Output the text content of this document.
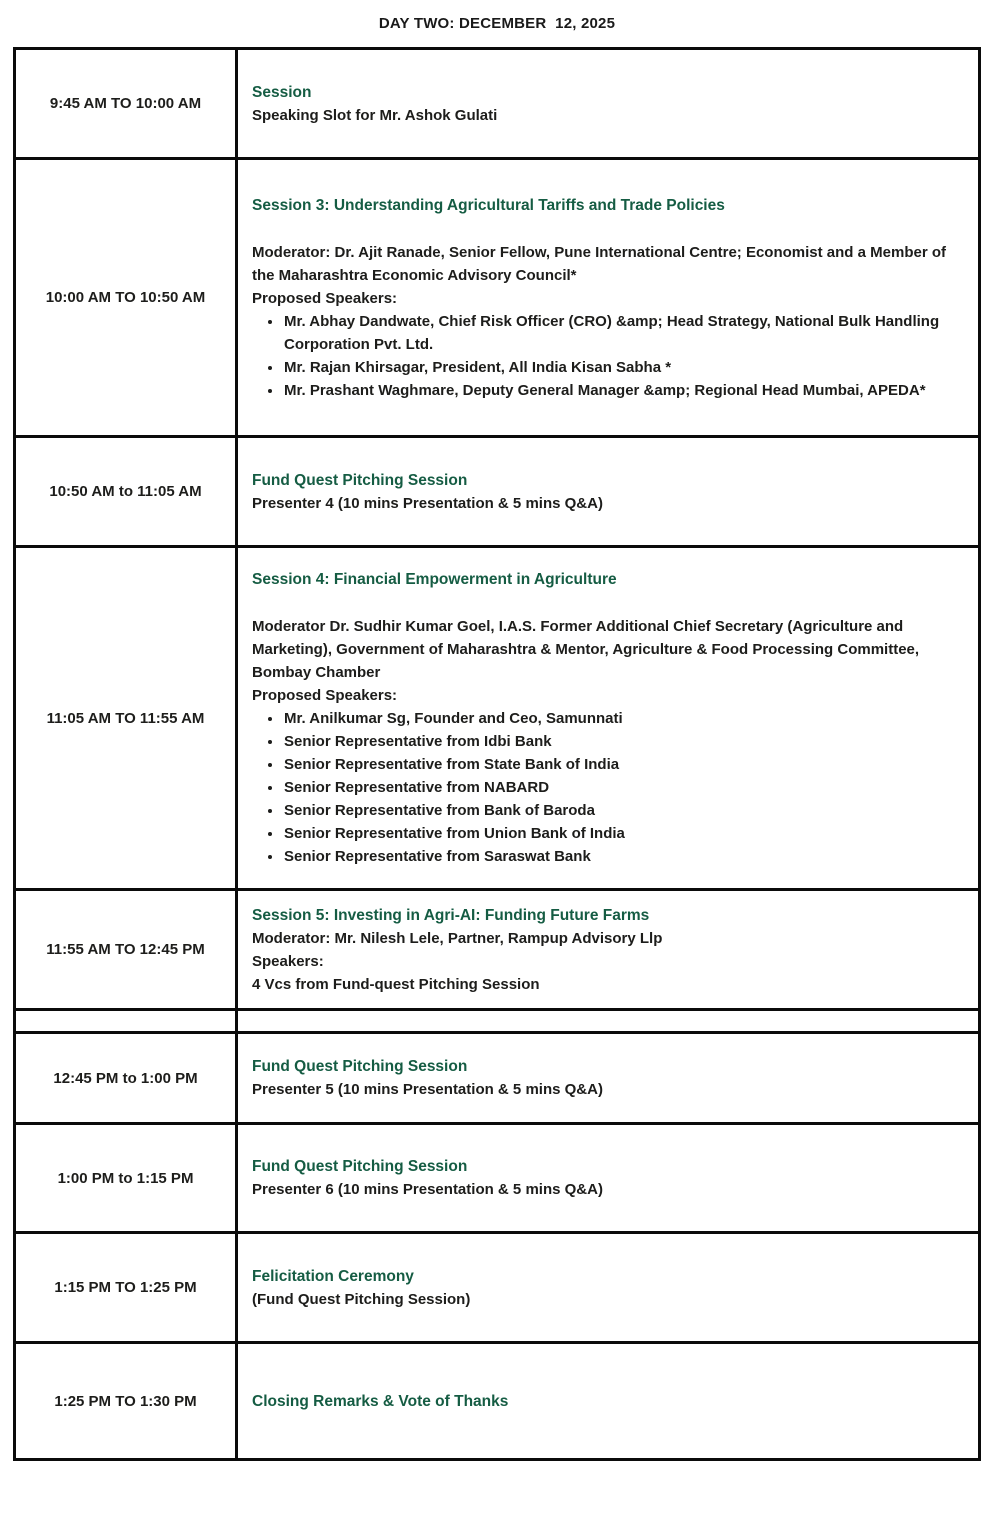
DAY TWO: DECEMBER  12, 2025
9:45 AM TO 10:00 AM
Session

Speaking Slot for Mr. Ashok Gulati

10:00 AM TO 10:50 AM
Session 3: Understanding Agricultural Tariffs and Trade Policies

Moderator: Dr. Ajit Ranade, Senior Fellow, Pune International Centre; Economist and a Member of the Maharashtra Economic Advisory Council*

Proposed Speakers:

• Mr. Abhay Dandwate, Chief Risk Officer (CRO) &amp; Head Strategy, National Bulk Handling Corporation Pvt. Ltd.
• Mr. Rajan Khirsagar, President, All India Kisan Sabha *
• Mr. Prashant Waghmare, Deputy General Manager &amp; Regional Head Mumbai, APEDA*
10:50 AM to 11:05 AM
Fund Quest Pitching Session

Presenter 4 (10 mins Presentation & 5 mins Q&A)

11:05 AM TO 11:55 AM
Session 4: Financial Empowerment in Agriculture

Moderator Dr. Sudhir Kumar Goel, I.A.S. Former Additional Chief Secretary (Agriculture and Marketing), Government of Maharashtra & Mentor, Agriculture & Food Processing Committee, Bombay Chamber

Proposed Speakers:

• Mr. Anilkumar Sg, Founder and Ceo, Samunnati
• Senior Representative from Idbi Bank
• Senior Representative from State Bank of India
• Senior Representative from NABARD
• Senior Representative from Bank of Baroda
• Senior Representative from Union Bank of India
• Senior Representative from Saraswat Bank
11:55 AM TO 12:45 PM
Session 5: Investing in Agri-AI: Funding Future Farms

Moderator: Mr. Nilesh Lele, Partner, Rampup Advisory Llp

Speakers:

4 Vcs from Fund-quest Pitching Session

12:45 PM to 1:00 PM
Fund Quest Pitching Session

Presenter 5 (10 mins Presentation & 5 mins Q&A)

1:00 PM to 1:15 PM
Fund Quest Pitching Session

Presenter 6 (10 mins Presentation & 5 mins Q&A)

1:15 PM TO 1:25 PM
Felicitation Ceremony

(Fund Quest Pitching Session)

1:25 PM TO 1:30 PM	Closing Remarks & Vote of Thanks
